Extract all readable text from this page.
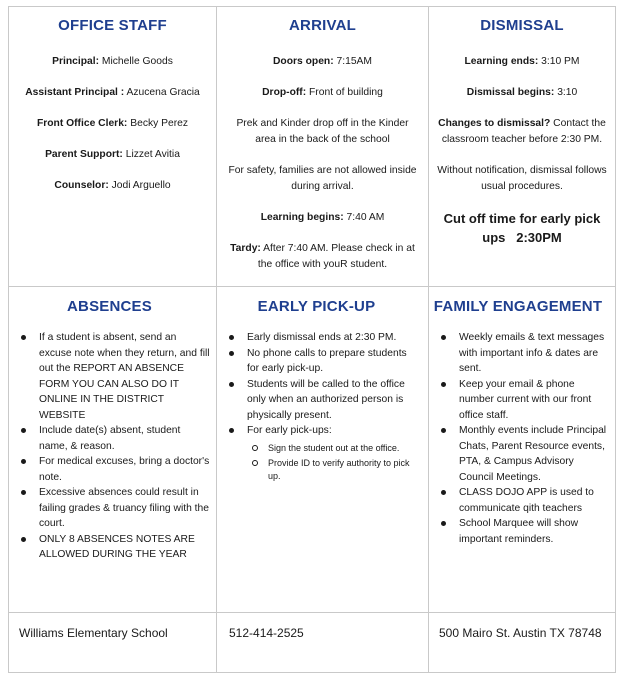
OFFICE STAFF

Principal: Michelle Goods

Assistant Principal : Azucena Gracia

Front Office Clerk: Becky Perez

Parent Support: Lizzet Avitia

Counselor: Jodi Arguello

ARRIVAL

Doors open: 7:15AM

Drop-off: Front of building

Prek and Kinder drop off in the Kinder area in the back of the school

For safety, families are not allowed inside during arrival.

Learning begins: 7:40 AM

Tardy: After 7:40 AM. Please check in at the office with youR student.

DISMISSAL

Learning ends: 3:10 PM

Dismissal begins: 3:10

Changes to dismissal? Contact the classroom teacher before 2:30 PM.

Without notification, dismissal follows usual procedures.

Cut off time for early pick ups   2:30PM

ABSENCES
If a student is absent, send an excuse note when they return, and fill out the REPORT AN ABSENCE FORM YOU CAN ALSO DO IT ONLINE IN THE DISTRICT WEBSITE
Include date(s) absent, student name, & reason.
For medical excuses, bring a doctor's note.
Excessive absences could result in failing grades & truancy filing with the court.
ONLY 8 ABSENCES NOTES ARE ALLOWED DURING THE YEAR
EARLY PICK-UP
Early dismissal ends at 2:30 PM.
No phone calls to prepare students for early pick-up.
Students will be called to the office only when an authorized person is physically present.
For early pick-ups:
Sign the student out at the office.
Provide ID to verify authority to pick up.
FAMILY ENGAGEMENT
Weekly emails & text messages with important info & dates are sent.
Keep your email & phone number current with our front office staff.
Monthly events include Principal Chats, Parent Resource events, PTA, & Campus Advisory Council Meetings.
CLASS DOJO APP is used to communicate qith teachers
School Marquee will show important reminders.

Williams Elementary School	512-414-2525	500 Mairo St. Austin TX 78748
